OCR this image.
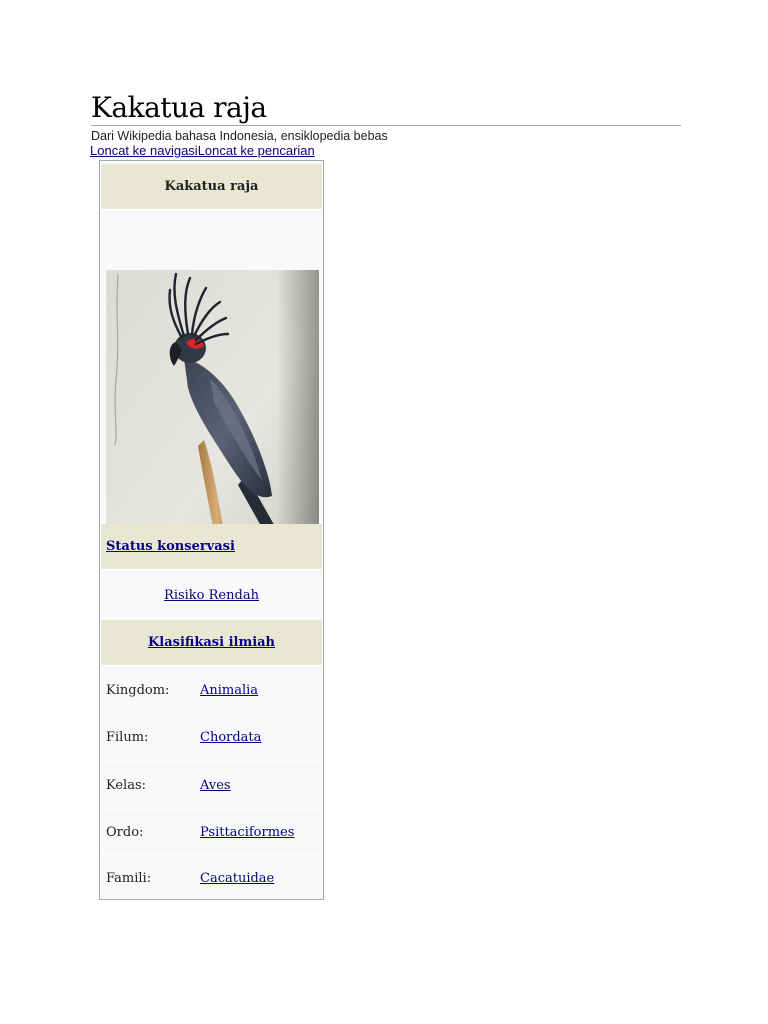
Kakatua raja
Dari Wikipedia bahasa Indonesia, ensiklopedia bebas
Loncat ke navigasiLoncat ke pencarian
Kakatua raja
Status konservasi
Risiko Rendah
Klasifikasi ilmiah
Kingdom: Animalia
Filum:	Chordata
Kelas:	Aves
Ordo:	Psittaciformes
Famili:	Cacatuidae
